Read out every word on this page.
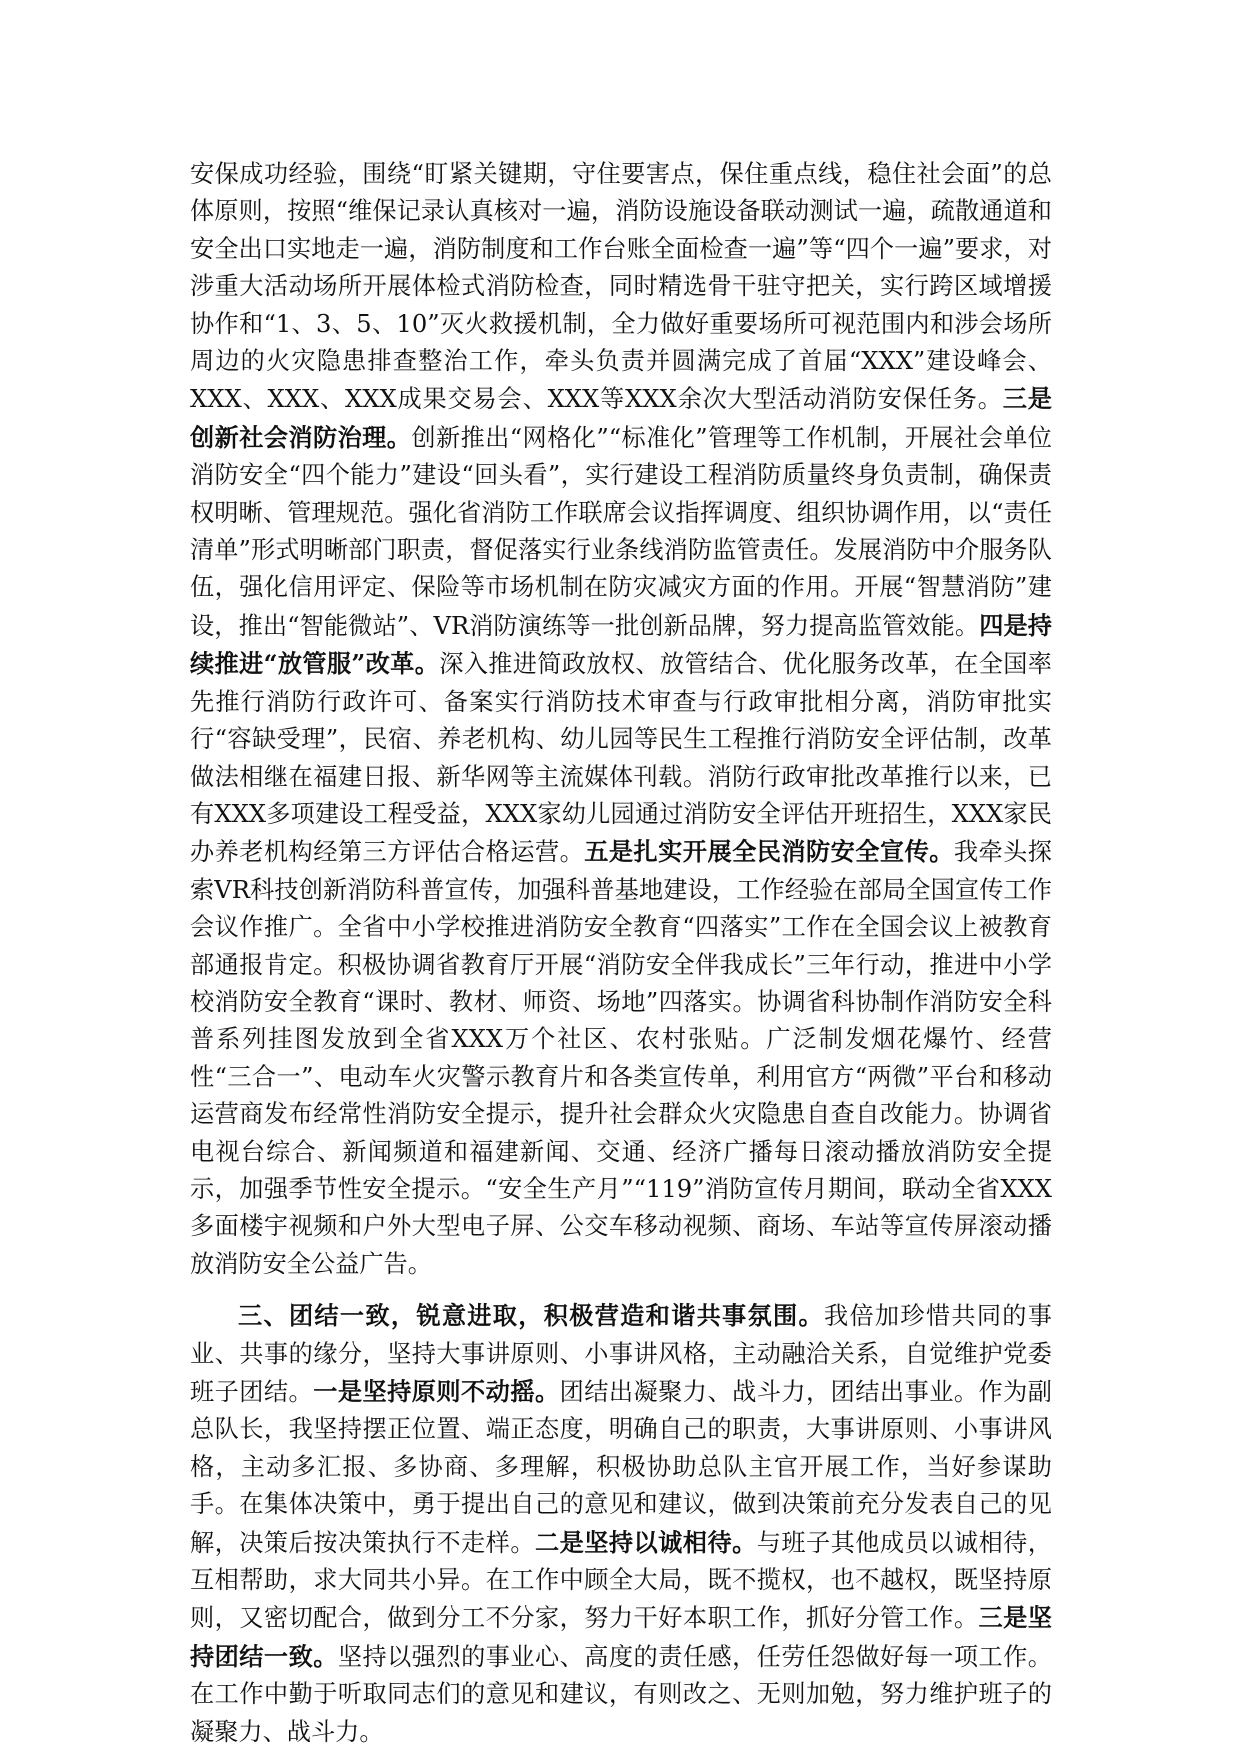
安保成功经验，围绕“盯紧关键期，守住要害点，保住重点线，稳住社会面”的总体原则，按照“维保记录认真核对一遍，消防设施设备联动测试一遍，疏散通道和安全出口实地走一遍，消防制度和工作台账全面检查一遍”等“四个一遍”要求，对涉重大活动场所开展体检式消防检查，同时精选骨干驻守把关，实行跨区域增援协作和“1、3、5、10”灭火救援机制，全力做好重要场所可视范围内和涉会场所周边的火灾隐患排查整治工作，牵头负责并圆满完成了首届“XXX”建设峰会、XXX、XXX、XXX成果交易会、XXX等XXX余次大型活动消防安保任务。三是创新社会消防治理。创新推出“网格化”“标准化”管理等工作机制，开展社会单位消防安全“四个能力”建设“回头看”，实行建设工程消防质量终身负责制，确保责权明晰、管理规范。强化省消防工作联席会议指挥调度、组织协调作用，以“责任清单”形式明晰部门职责，督促落实行业条线消防监管责任。发展消防中介服务队伍，强化信用评定、保险等市场机制在防灾减灾方面的作用。开展“智慧消防”建设，推出“智能微站”、VR消防演练等一批创新品牌，努力提高监管效能。四是持续推进“放管服”改革。深入推进简政放权、放管结合、优化服务改革，在全国率先推行消防行政许可、备案实行消防技术审查与行政审批相分离，消防审批实行“容缺受理”，民宿、养老机构、幼儿园等民生工程推行消防安全评估制，改革做法相继在福建日报、新华网等主流媒体刊载。消防行政审批改革推行以来，已有XXX多项建设工程受益，XXX家幼儿园通过消防安全评估开班招生，XXX家民办养老机构经第三方评估合格运营。五是扎实开展全民消防安全宣传。我牵头探索VR科技创新消防科普宣传，加强科普基地建设，工作经验在部局全国宣传工作会议作推广。全省中小学校推进消防安全教育“四落实”工作在全国会议上被教育部通报肯定。积极协调省教育厅开展“消防安全伴我成长”三年行动，推进中小学校消防安全教育“课时、教材、师资、场地”四落实。协调省科协制作消防安全科普系列挂图发放到全省XXX万个社区、农村张贴。广泛制发烟花爆竹、经营性“三合一”、电动车火灾警示教育片和各类宣传单，利用官方“两微”平台和移动运营商发布经常性消防安全提示，提升社会群众火灾隐患自查自改能力。协调省电视台综合、新闻频道和福建新闻、交通、经济广播每日滚动播放消防安全提示，加强季节性安全提示。“安全生产月”“119”消防宣传月期间，联动全省XXX多面楼宇视频和户外大型电子屏、公交车移动视频、商场、车站等宣传屏滚动播放消防安全公益广告。

三、团结一致，锐意进取，积极营造和谐共事氛围。我倍加珍惜共同的事业、共事的缘分，坚持大事讲原则、小事讲风格，主动融洽关系，自觉维护党委班子团结。一是坚持原则不动摇。团结出凝聚力、战斗力，团结出事业。作为副总队长，我坚持摆正位置、端正态度，明确自己的职责，大事讲原则、小事讲风格，主动多汇报、多协商、多理解，积极协助总队主官开展工作，当好参谋助手。在集体决策中，勇于提出自己的意见和建议，做到决策前充分发表自己的见解，决策后按决策执行不走样。二是坚持以诚相待。与班子其他成员以诚相待，互相帮助，求大同共小异。在工作中顾全大局，既不揽权，也不越权，既坚持原则，又密切配合，做到分工不分家，努力干好本职工作，抓好分管工作。三是坚持团结一致。坚持以强烈的事业心、高度的责任感，任劳任怨做好每一项工作。在工作中勤于听取同志们的意见和建议，有则改之、无则加勉，努力维护班子的凝聚力、战斗力。
